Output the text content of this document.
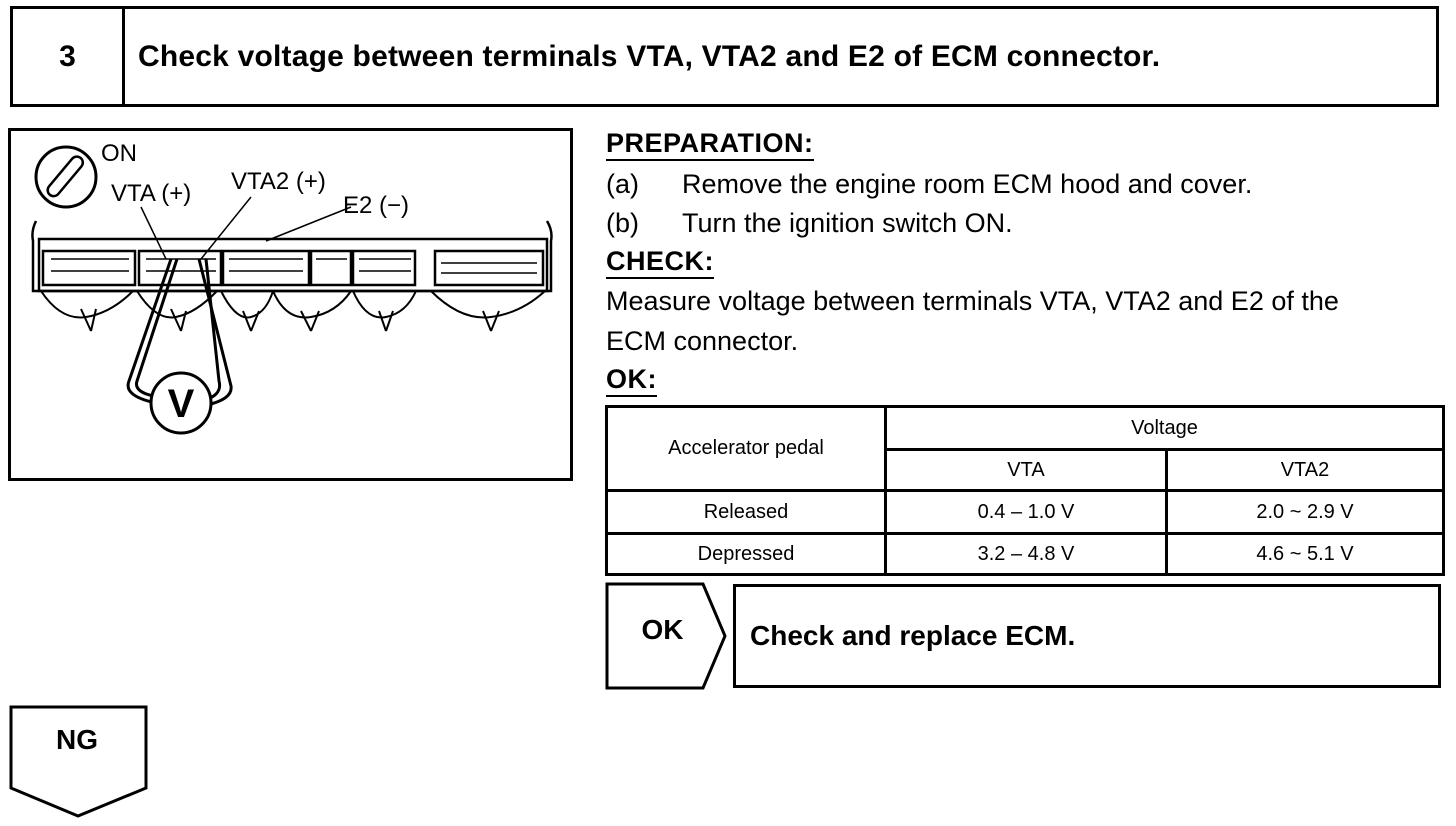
3	Check voltage between terminals VTA, VTA2 and E2 of ECM connector.
ON
VTA (+) VTA2 (+)
E2 (−)
V
PREPARATION:
(a) Remove the engine room ECM hood and cover.
(b) Turn the ignition switch ON.
CHECK:
Measure voltage between terminals VTA, VTA2 and E2 of the
ECM connector.
OK:
Accelerator pedal	Voltage	
	VTA	VTA2
Released	0.4 – 1.0 V	2.0 ~ 2.9 V
Depressed	3.2 – 4.8 V	4.6 ~ 5.1 V
OK	Check and replace ECM.
NG
